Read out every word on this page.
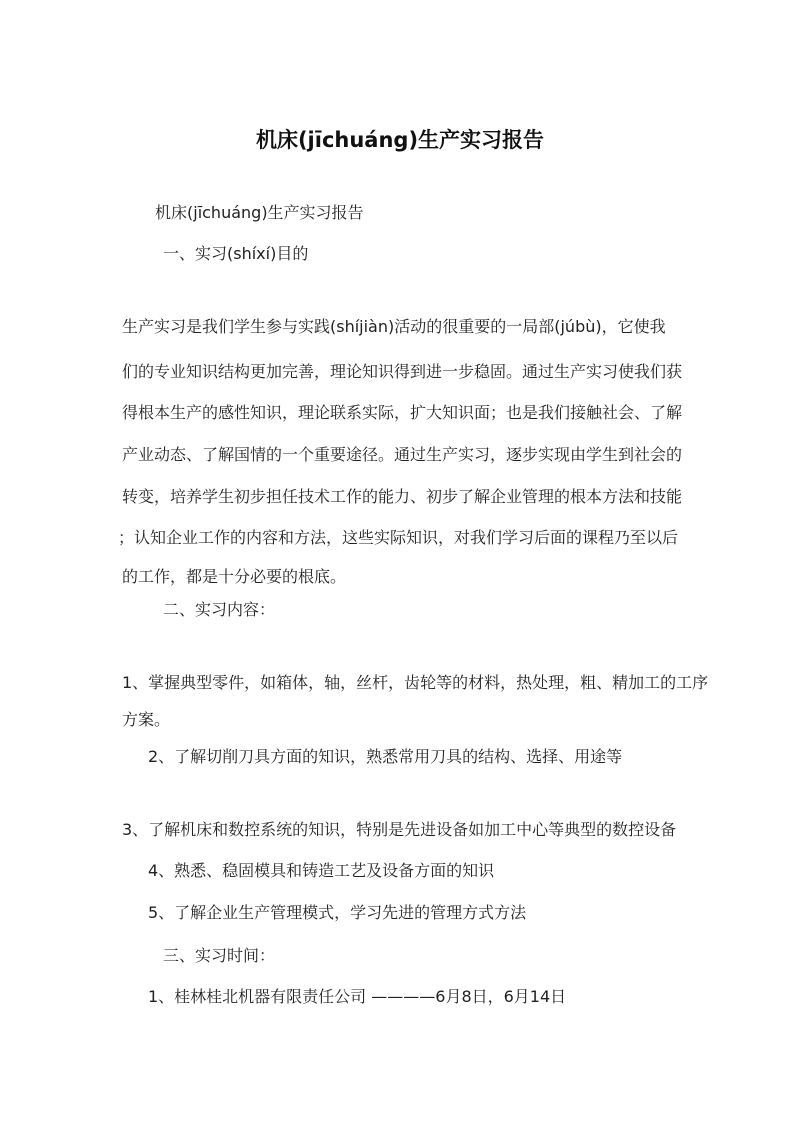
机床(jīchuáng)生产实习报告
机床(jīchuáng)生产实习报告
一、实习(shíxí)目的
生产实习是我们学生参与实践(shíjiàn)活动的很重要的一局部(júbù)，它使我
们的专业知识结构更加完善，理论知识得到进一步稳固。通过生产实习使我们获
得根本生产的感性知识，理论联系实际，扩大知识面；也是我们接触社会、了解
产业动态、了解国情的一个重要途径。通过生产实习，逐步实现由学生到社会的
转变，培养学生初步担任技术工作的能力、初步了解企业管理的根本方法和技能
；认知企业工作的内容和方法，这些实际知识，对我们学习后面的课程乃至以后
的工作，都是十分必要的根底。
二、实习内容：
1、掌握典型零件，如箱体，轴，丝杆，齿轮等的材料，热处理，粗、精加工的工序
方案。
2、了解切削刀具方面的知识，熟悉常用刀具的结构、选择、用途等
3、了解机床和数控系统的知识，特别是先进设备如加工中心等典型的数控设备
4、熟悉、稳固模具和铸造工艺及设备方面的知识
5、了解企业生产管理模式，学习先进的管理方式方法
三、实习时间：
1、桂林桂北机器有限责任公司 ————6月8日，6月14日
